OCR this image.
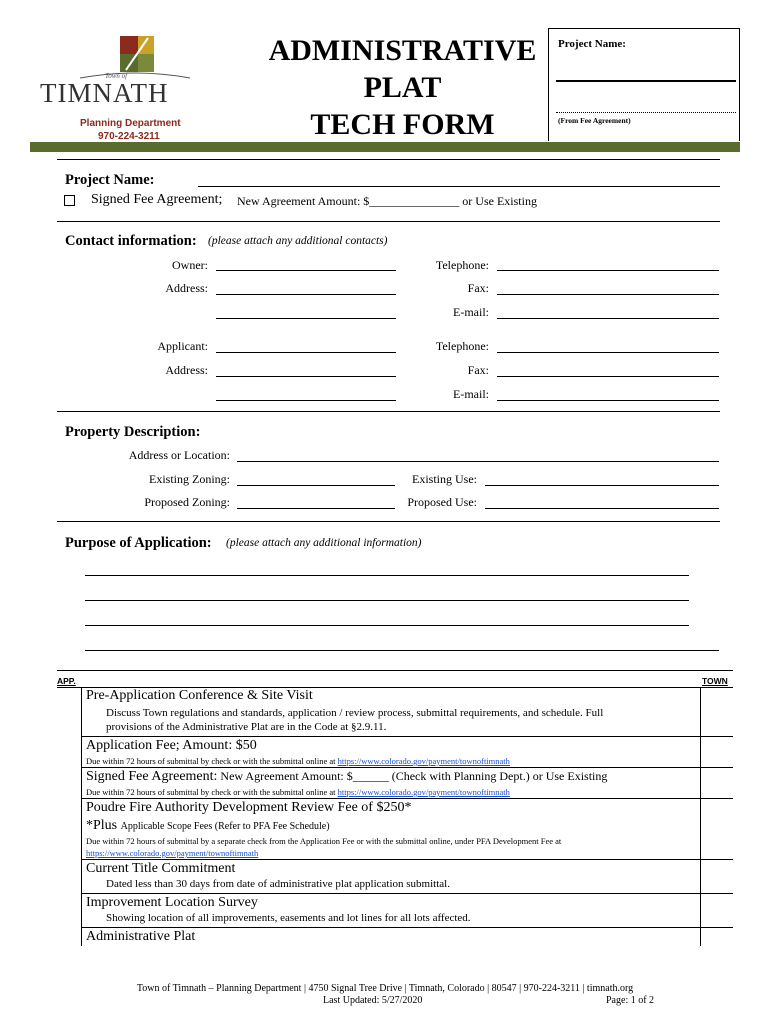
Town of
TIMNATH
Planning Department
970-224-3211
ADMINISTRATIVE
PLAT
TECH FORM
Project Name:
(From Fee Agreement)
Project Name:
Signed Fee Agreement; New Agreement Amount: $_______________ or Use Existing
Contact information: (please attach any additional contacts)
Owner:	Telephone:
Address:	Fax:
E-mail:
Applicant:	Telephone:
Address:	Fax:
E-mail:
Property Description:
Address or Location:
Existing Zoning:	Existing Use:
Proposed Zoning:	Proposed Use:
Purpose of Application: (please attach any additional information)
APP.	TOWN
Pre-Application Conference & Site Visit
Discuss Town regulations and standards, application / review process, submittal requirements, and schedule. Full
provisions of the Administrative Plat are in the Code at §2.9.11.
Application Fee; Amount: $50
Due within 72 hours of submittal by check or with the submittal online at https://www.colorado.gov/payment/townoftimnath
Signed Fee Agreement: New Agreement Amount: $______ (Check with Planning Dept.) or Use Existing
Due within 72 hours of submittal by check or with the submittal online at https://www.colorado.gov/payment/townoftimnath
Poudre Fire Authority Development Review Fee of $250*
*Plus Applicable Scope Fees (Refer to PFA Fee Schedule)
Due within 72 hours of submittal by a separate check from the Application Fee or with the submittal online, under PFA Development Fee at
https://www.colorado.gov/payment/townoftimnath
Current Title Commitment
Dated less than 30 days from date of administrative plat application submittal.
Improvement Location Survey
Showing location of all improvements, easements and lot lines for all lots affected.
Administrative Plat
Town of Timnath – Planning Department | 4750 Signal Tree Drive | Timnath, Colorado | 80547 | 970-224-3211 | timnath.org
Last Updated: 5/27/2020	Page: 1 of 2
